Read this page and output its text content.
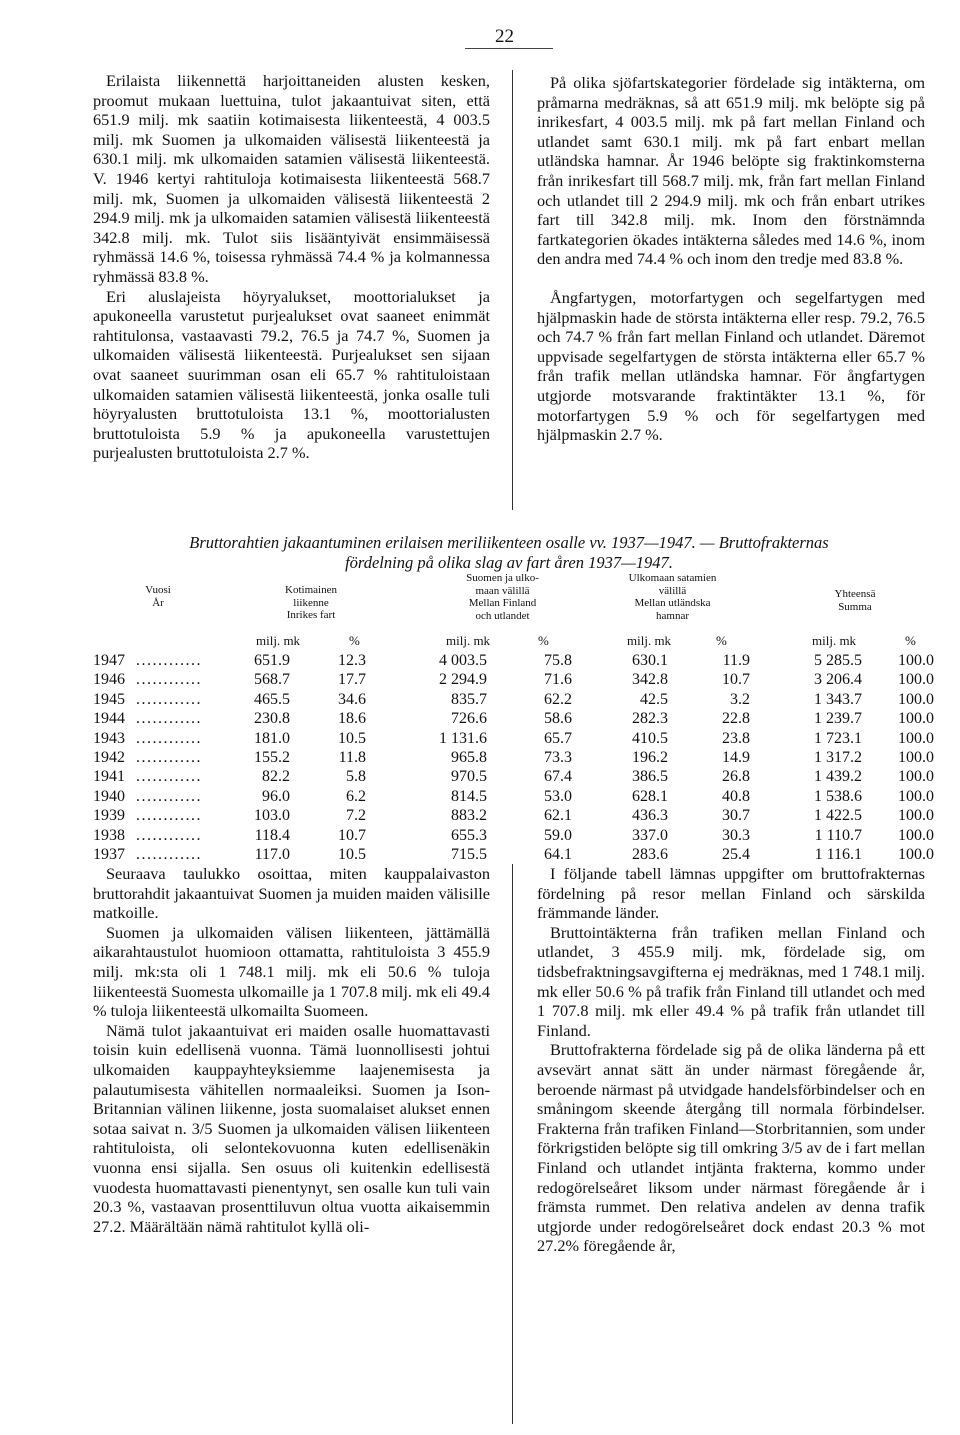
22

Erilaista liikennettä harjoittaneiden alusten kesken, proomut mukaan luettuina, tulot jakaantuivat siten, että 651.9 milj. mk saatiin kotimaisesta liikenteestä, 4 003.5 milj. mk Suomen ja ulkomaiden välisestä liikenteestä ja 630.1 milj. mk ulkomaiden satamien välisestä liikenteestä. V. 1946 kertyi rahtituloja kotimaisesta liikenteestä 568.7 milj. mk, Suomen ja ulkomaiden välisestä liikenteestä 2 294.9 milj. mk ja ulkomaiden satamien välisestä liikenteestä 342.8 milj. mk. Tulot siis lisääntyivät ensimmäisessä ryhmässä 14.6 %, toisessa ryhmässä 74.4 % ja kolmannessa ryhmässä 83.8 %.

Eri aluslajeista höyryalukset, moottorialukset ja apukoneella varustetut purjealukset ovat saaneet enimmät rahtitulonsa, vastaavasti 79.2, 76.5 ja 74.7 %, Suomen ja ulkomaiden välisestä liikenteestä. Purjealukset sen sijaan ovat saaneet suurimman osan eli 65.7 % rahtituloistaan ulkomaiden satamien välisestä liikenteestä, jonka osalle tuli höyryalusten bruttotuloista 13.1 %, moottorialusten bruttotuloista 5.9 % ja apukoneella varustettujen purjealusten bruttotuloista 2.7 %.

På olika sjöfartskategorier fördelade sig intäkterna, om pråmarna medräknas, så att 651.9 milj. mk belöpte sig på inrikesfart, 4 003.5 milj. mk på fart mellan Finland och utlandet samt 630.1 milj. mk på fart enbart mellan utländska hamnar. År 1946 belöpte sig fraktinkomsterna från inrikesfart till 568.7 milj. mk, från fart mellan Finland och utlandet till 2 294.9 milj. mk och från enbart utrikes fart till 342.8 milj. mk. Inom den förstnämnda fartkategorien ökades intäkterna således med 14.6 %, inom den andra med 74.4 % och inom den tredje med 83.8 %.

Ångfartygen, motorfartygen och segelfartygen med hjälpmaskin hade de största intäkterna eller resp. 79.2, 76.5 och 74.7 % från fart mellan Finland och utlandet. Däremot uppvisade segelfartygen de största intäkterna eller 65.7 % från trafik mellan utländska hamnar. För ångfartygen utgjorde motsvarande fraktintäkter 13.1 %, för motorfartygen 5.9 % och för segelfartygen med hjälpmaskin 2.7 %.

Bruttorahtien jakaantuminen erilaisen meriliikenteen osalle vv. 1937—1947. — Bruttofrakternas
fördelning på olika slag av fart åren 1937—1947.
Vuosi
År
Kotimainen
liikenne
Inrikes fart
Suomen ja ulko-
maan välillä
Mellan Finland
och utlandet
Ulkomaan satamien
välillä
Mellan utländska
hamnar
Yhteensä
Summa
milj. mk	%	milj. mk	%	milj. mk	%	milj. mk	%
1947 ............	651.9	12.3	4 003.5	75.8	630.1	11.9	5 285.5	100.0
1946 ............	568.7	17.7	2 294.9	71.6	342.8	10.7	3 206.4	100.0
1945 ............	465.5	34.6	835.7	62.2	42.5	3.2	1 343.7	100.0
1944 ............	230.8	18.6	726.6	58.6	282.3	22.8	1 239.7	100.0
1943 ............	181.0	10.5	1 131.6	65.7	410.5	23.8	1 723.1	100.0
1942 ............	155.2	11.8	965.8	73.3	196.2	14.9	1 317.2	100.0
1941 ............	82.2	5.8	970.5	67.4	386.5	26.8	1 439.2	100.0
1940 ............	96.0	6.2	814.5	53.0	628.1	40.8	1 538.6	100.0
1939 ............	103.0	7.2	883.2	62.1	436.3	30.7	1 422.5	100.0
1938 ............	118.4	10.7	655.3	59.0	337.0	30.3	1 110.7	100.0
1937 ............	117.0	10.5	715.5	64.1	283.6	25.4	1 116.1	100.0

Seuraava taulukko osoittaa, miten kauppalaivaston bruttorahdit jakaantuivat Suomen ja muiden maiden välisille matkoille.

Suomen ja ulkomaiden välisen liikenteen, jättämällä aikarahtaustulot huomioon ottamatta, rahtituloista 3 455.9 milj. mk:sta oli 1 748.1 milj. mk eli 50.6 % tuloja liikenteestä Suomesta ulkomaille ja 1 707.8 milj. mk eli 49.4 % tuloja liikenteestä ulkomailta Suomeen.

Nämä tulot jakaantuivat eri maiden osalle huomattavasti toisin kuin edellisenä vuonna. Tämä luonnollisesti johtui ulkomaiden kauppayhteyksiemme laajenemisesta ja palautumisesta vähitellen normaaleiksi. Suomen ja Ison-Britannian välinen liikenne, josta suomalaiset alukset ennen sotaa saivat n. 3/5 Suomen ja ulkomaiden välisen liikenteen rahtituloista, oli selontekovuonna kuten edellisenäkin vuonna ensi sijalla. Sen osuus oli kuitenkin edellisestä vuodesta huomattavasti pienentynyt, sen osalle kun tuli vain 20.3 %, vastaavan prosenttiluvun oltua vuotta aikaisemmin 27.2. Määrältään nämä rahtitulot kyllä oli-

I följande tabell lämnas uppgifter om bruttofrakternas fördelning på resor mellan Finland och särskilda främmande länder.

Bruttointäkterna från trafiken mellan Finland och utlandet, 3 455.9 milj. mk, fördelade sig, om tidsbefraktningsavgifterna ej medräknas, med 1 748.1 milj. mk eller 50.6 % på trafik från Finland till utlandet och med 1 707.8 milj. mk eller 49.4 % på trafik från utlandet till Finland.

Bruttofrakterna fördelade sig på de olika länderna på ett avsevärt annat sätt än under närmast föregående år, beroende närmast på utvidgade handelsförbindelser och en småningom skeende återgång till normala förbindelser. Frakterna från trafiken Finland—Storbritannien, som under förkrigstiden belöpte sig till omkring 3/5 av de i fart mellan Finland och utlandet intjänta frakterna, kommo under redogörelseåret liksom under närmast föregående år i främsta rummet. Den relativa andelen av denna trafik utgjorde under redogörelseåret dock endast 20.3 % mot 27.2% föregående år,
